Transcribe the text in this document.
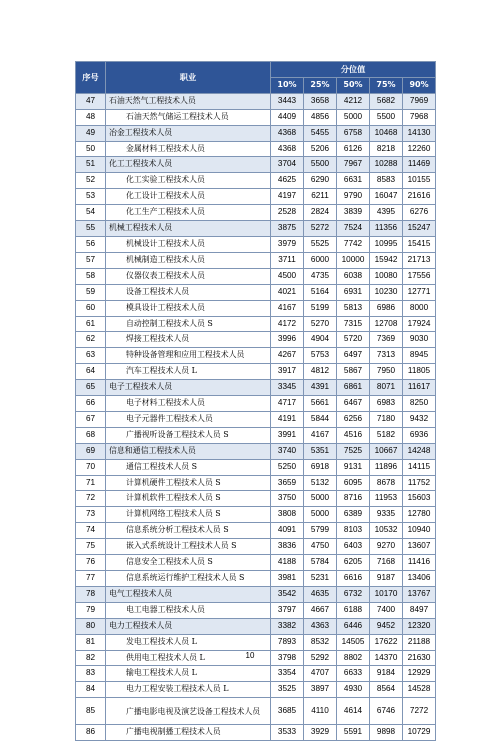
序号	职业	分位值				
		10%	25%	50%	75%	90%
47	石油天然气工程技术人员	3443	3658	4212	5682	7969
48	石油天然气储运工程技术人员	4409	4856	5000	5500	7968
49	冶金工程技术人员	4368	5455	6758	10468	14130
50	金属材料工程技术人员	4368	5206	6126	8218	12260
51	化工工程技术人员	3704	5500	7967	10288	11469
52	化工实验工程技术人员	4625	6290	6631	8583	10155
53	化工设计工程技术人员	4197	6211	9790	16047	21616
54	化工生产工程技术人员	2528	2824	3839	4395	6276
55	机械工程技术人员	3875	5272	7524	11356	15247
56	机械设计工程技术人员	3979	5525	7742	10995	15415
57	机械制造工程技术人员	3711	6000	10000	15942	21713
58	仪器仪表工程技术人员	4500	4735	6038	10080	17556
59	设备工程技术人员	4021	5164	6931	10230	12771
60	模具设计工程技术人员	4167	5199	5813	6986	8000
61	自动控制工程技术人员 S	4172	5270	7315	12708	17924
62	焊接工程技术人员	3996	4904	5720	7369	9030
63	特种设备管理和应用工程技术人员	4267	5753	6497	7313	8945
64	汽车工程技术人员 L	3917	4812	5867	7950	11805
65	电子工程技术人员	3345	4391	6861	8071	11617
66	电子材料工程技术人员	4717	5661	6467	6983	8250
67	电子元器件工程技术人员	4191	5844	6256	7180	9432
68	广播视听设备工程技术人员 S	3991	4167	4516	5182	6936
69	信息和通信工程技术人员	3740	5351	7525	10667	14248
70	通信工程技术人员 S	5250	6918	9131	11896	14115
71	计算机硬件工程技术人员 S	3659	5132	6095	8678	11752
72	计算机软件工程技术人员 S	3750	5000	8716	11953	15603
73	计算机网络工程技术人员 S	3808	5000	6389	9335	12780
74	信息系统分析工程技术人员 S	4091	5799	8103	10532	10940
75	嵌入式系统设计工程技术人员 S	3836	4750	6403	9270	13607
76	信息安全工程技术人员 S	4188	5784	6205	7168	11416
77	信息系统运行维护工程技术人员 S	3981	5231	6616	9187	13406
78	电气工程技术人员	3542	4635	6732	10170	13767
79	电工电器工程技术人员	3797	4667	6188	7400	8497
80	电力工程技术人员	3382	4363	6446	9452	12320
81	发电工程技术人员 L	7893	8532	14505	17622	21188
82	供用电工程技术人员 L	3798	5292	8802	14370	21630
83	输电工程技术人员 L	3354	4707	6633	9184	12929
84	电力工程安装工程技术人员 L	3525	3897	4930	8564	14528
85	广播电影电视及演艺设备工程技术人员	3685	4110	4614	6746	7272
86	广播电视制播工程技术人员	3533	3929	5591	9898	10729
10
